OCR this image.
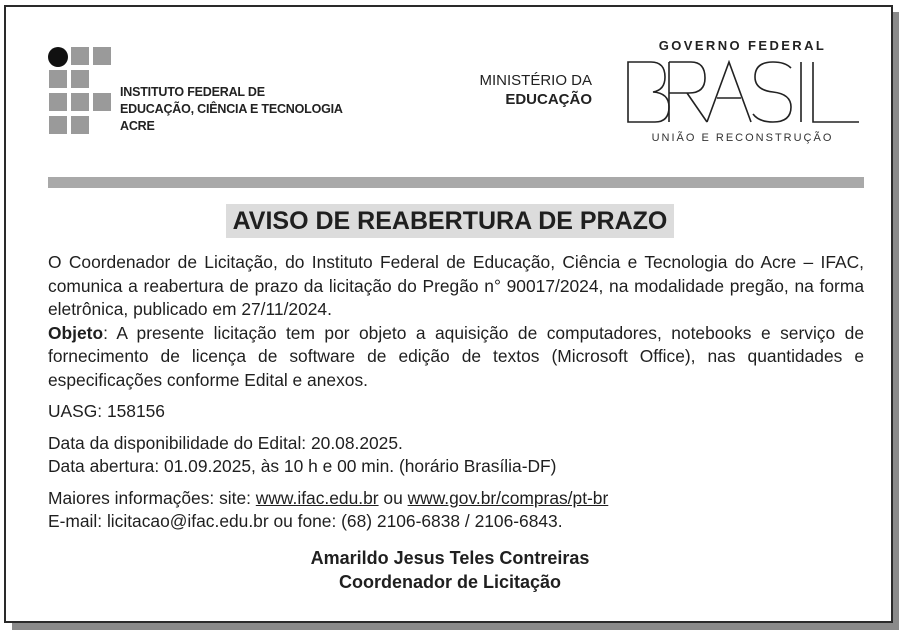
INSTITUTO FEDERAL DE
EDUCAÇÃO, CIÊNCIA E TECNOLOGIA
ACRE
MINISTÉRIO DA
EDUCAÇÃO
GOVERNO FEDERAL
UNIÃO E RECONSTRUÇÃO
AVISO DE REABERTURA DE PRAZO

O Coordenador de Licitação, do Instituto Federal de Educação, Ciência e Tecnologia do Acre – IFAC, comunica a reabertura de prazo da licitação do Pregão n° 90017/2024, na modalidade pregão, na forma eletrônica, publicado em 27/11/2024.

Objeto: A presente licitação tem por objeto a aquisição de computadores, notebooks e serviço de fornecimento de licença de software de edição de textos (Microsoft Office), nas quantidades e especificações conforme Edital e anexos.

UASG: 158156

Data da disponibilidade do Edital: 20.08.2025.

Data abertura: 01.09.2025, às 10 h e 00 min. (horário Brasília-DF)

Maiores informações: site: www.ifac.edu.br ou www.gov.br/compras/pt-br

E-mail: licitacao@ifac.edu.br ou fone: (68) 2106-6838 / 2106-6843.

Amarildo Jesus Teles Contreiras
Coordenador de Licitação
